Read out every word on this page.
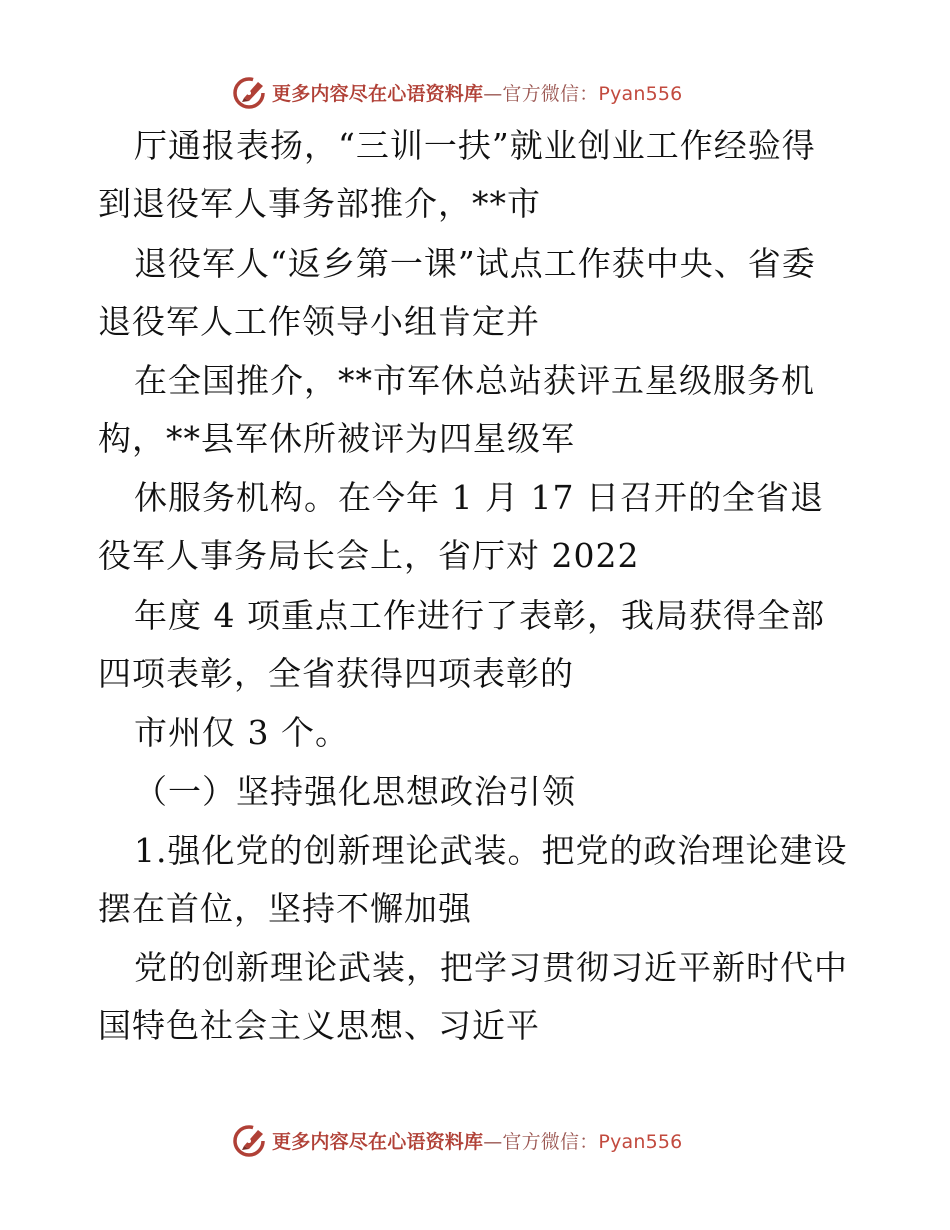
更多内容尽在心语资料库—官方微信：Pyan556
厅通报表扬，“三训一扶”就业创业工作经验得
到退役军人事务部推介，**市
退役军人“返乡第一课”试点工作获中央、省委
退役军人工作领导小组肯定并
在全国推介，**市军休总站获评五星级服务机
构，**县军休所被评为四星级军
休服务机构。在今年 1 月 17 日召开的全省退
役军人事务局长会上，省厅对 2022
年度 4 项重点工作进行了表彰，我局获得全部
四项表彰，全省获得四项表彰的
市州仅 3 个。
（一）坚持强化思想政治引领
1.强化党的创新理论武装。把党的政治理论建设
摆在首位，坚持不懈加强
党的创新理论武装，把学习贯彻习近平新时代中
国特色社会主义思想、习近平
更多内容尽在心语资料库—官方微信：Pyan556
